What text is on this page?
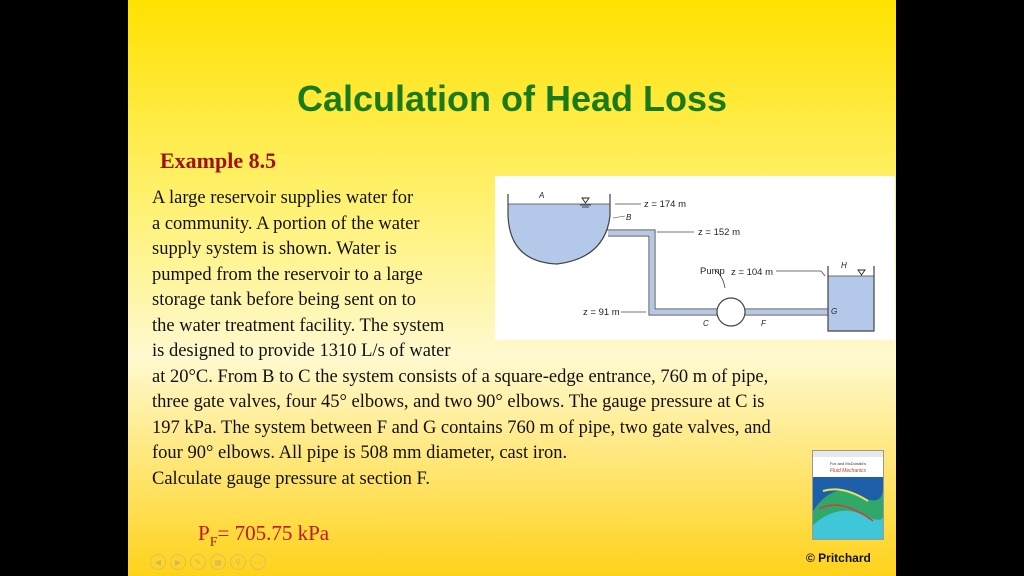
Calculation of Head Loss
Example 8.5
A
B
z = 174 m
z = 152 m
Pump z = 104 m
z = 91 m
C	F
G
H
A large reservoir supplies water for
a community. A portion of the water
supply system is shown. Water is
pumped from the reservoir to a large
storage tank before being sent on to
the water treatment facility. The system
is designed to provide 1310 L/s of water
at 20°C. From B to C the system consists of a square-edge entrance, 760 m of pipe,
three gate valves, four 45° elbows, and two 90° elbows. The gauge pressure at C is
197 kPa. The system between F and G contains 760 m of pipe, two gate valves, and
four 90° elbows. All pipe is 508 mm diameter, cast iron.
Calculate gauge pressure at section F.
$P_F= 705.75$ kPa
Fox and McDonald's
Fluid Mechanics
© Pritchard
◀	▶	✎	▦	⚲	⋯
